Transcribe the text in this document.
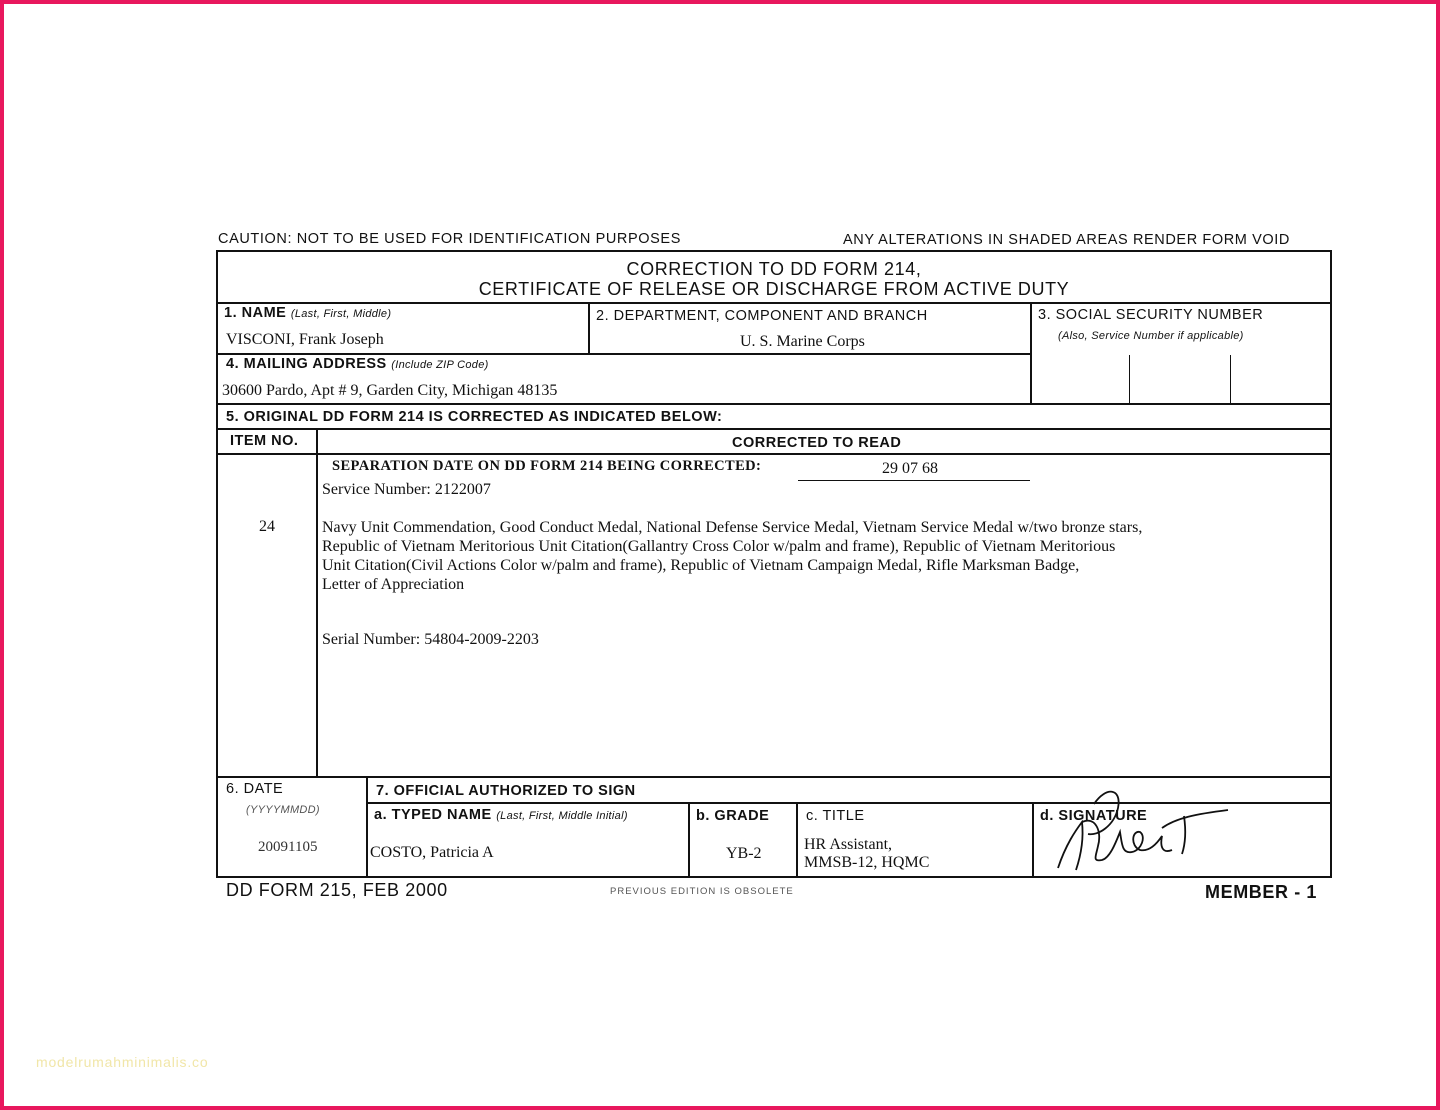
CAUTION: NOT TO BE USED FOR IDENTIFICATION PURPOSES	ANY ALTERATIONS IN SHADED AREAS RENDER FORM VOID
CORRECTION TO DD FORM 214,
CERTIFICATE OF RELEASE OR DISCHARGE FROM ACTIVE DUTY
1. NAME (Last, First, Middle)
VISCONI, Frank Joseph
2. DEPARTMENT, COMPONENT AND BRANCH
U. S. Marine Corps
3. SOCIAL SECURITY NUMBER
(Also, Service Number if applicable)
4. MAILING ADDRESS (Include ZIP Code)
30600 Pardo, Apt # 9, Garden City, Michigan 48135
5. ORIGINAL DD FORM 214 IS CORRECTED AS INDICATED BELOW:
ITEM NO.	CORRECTED TO READ
SEPARATION DATE ON DD FORM 214 BEING CORRECTED:	29 07 68
Service Number: 2122007
24	Navy Unit Commendation, Good Conduct Medal, National Defense Service Medal, Vietnam Service Medal w/two bronze stars,
Republic of Vietnam Meritorious Unit Citation(Gallantry Cross Color w/palm and frame), Republic of Vietnam Meritorious
Unit Citation(Civil Actions Color w/palm and frame), Republic of Vietnam Campaign Medal, Rifle Marksman Badge,
Letter of Appreciation
Serial Number: 54804-2009-2203
6. DATE
(YYYYMMDD)
20091105
7. OFFICIAL AUTHORIZED TO SIGN
a. TYPED NAME (Last, First, Middle Initial)
COSTO, Patricia A
b. GRADE
YB-2
c. TITLE
HR Assistant,
MMSB-12, HQMC
d. SIGNATURE
DD FORM 215, FEB 2000	PREVIOUS EDITION IS OBSOLETE	MEMBER - 1
modelrumahminimalis.co
